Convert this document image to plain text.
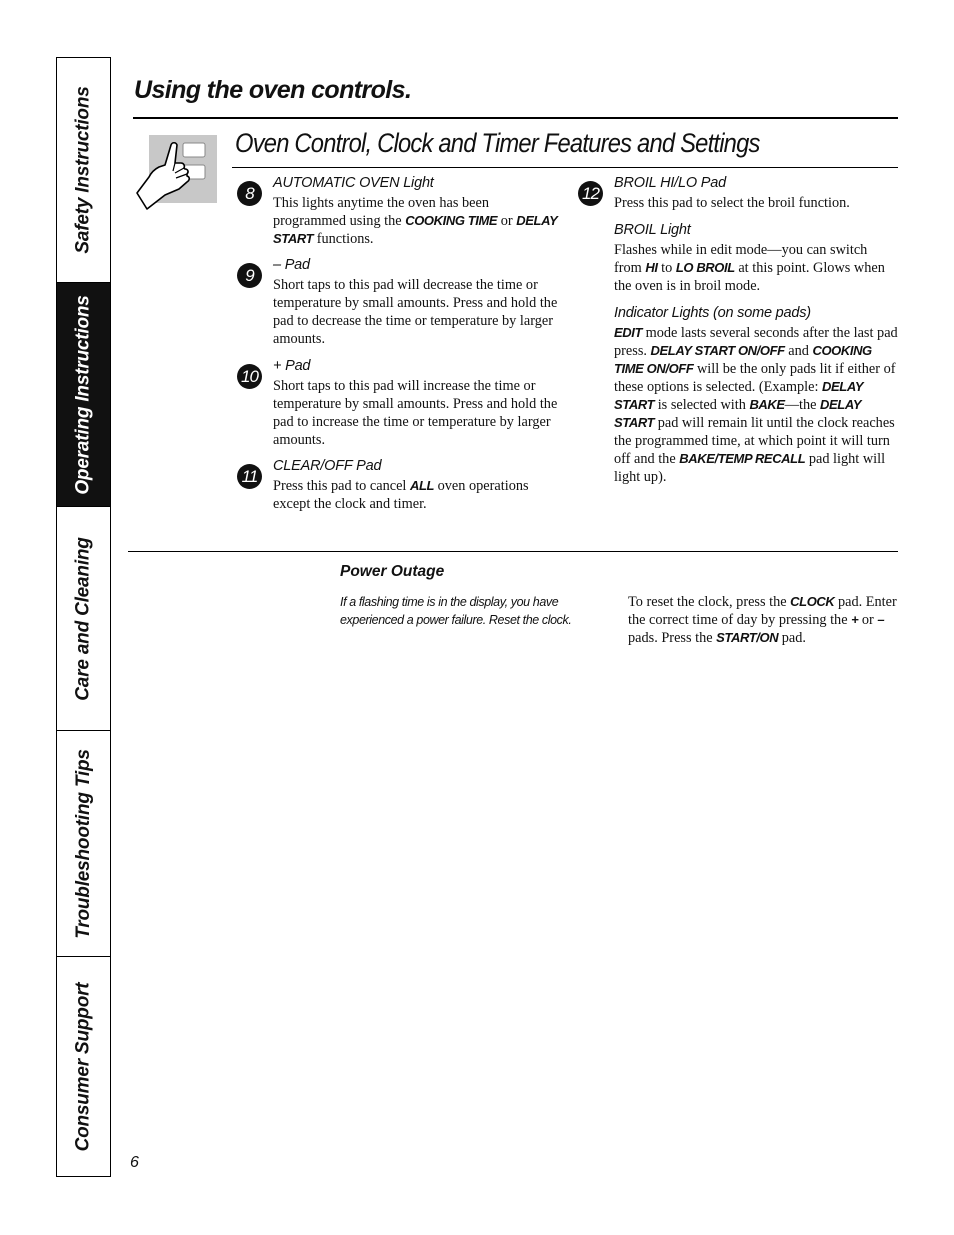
Safety Instructions
Operating Instructions
Care and Cleaning
Troubleshooting Tips
Consumer Support
Using the oven controls.
Oven Control, Clock and Timer Features and Settings
8
AUTOMATIC OVEN Light

This lights anytime the oven has been programmed using the COOKING TIME or DELAY START functions.

9
– Pad

Short taps to this pad will decrease the time or temperature by small amounts. Press and hold the pad to decrease the time or temperature by larger amounts.

10
+ Pad

Short taps to this pad will increase the time or temperature by small amounts. Press and hold the pad to increase the time or temperature by larger amounts.

11
CLEAR/OFF Pad

Press this pad to cancel ALL oven operations except the clock and timer.

12
BROIL HI/LO Pad

Press this pad to select the broil function.

BROIL Light

Flashes while in edit mode—you can switch from HI to LO BROIL at this point. Glows when the oven is in broil mode.

Indicator Lights (on some pads)

EDIT mode lasts several seconds after the last pad press. DELAY START ON/OFF and COOKING TIME ON/OFF will be the only pads lit if either of these options is selected. (Example: DELAY START is selected with BAKE—the DELAY START pad will remain lit until the clock reaches the programmed time, at which point it will turn off and the BAKE/TEMP RECALL pad light will light up).

Power Outage

If a flashing time is in the display, you have experienced a power failure. Reset the clock.

To reset the clock, press the CLOCK pad. Enter the correct time of day by pressing the + or – pads. Press the START/ON pad.

6
